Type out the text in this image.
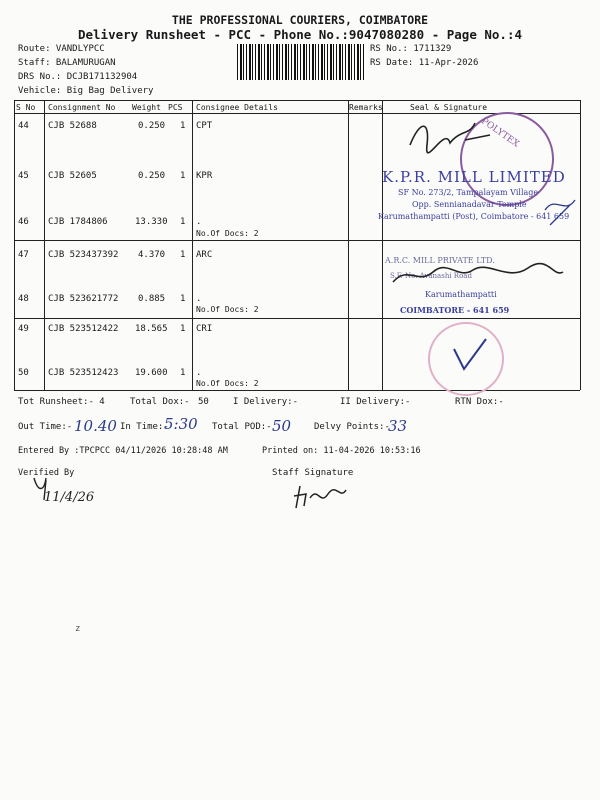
THE PROFESSIONAL COURIERS, COIMBATORE
Delivery Runsheet - PCC - Phone No.:9047080280 - Page No.:4
Route: VANDLYPCC
Staff: BALAMURUGAN
DRS No.: DCJB171132904
Vehicle: Big Bag Delivery
RS No.: 1711329
RS Date: 11-Apr-2026
S No Consignment No Weight PCS Consignee Details	Remarks	Seal & Signature
44 CJB 52688	0.250 1 CPT
45 CJB 52605	0.250 1 KPR
46 CJB 1784806	13.330 1 .
No.Of Docs: 2
47 CJB 523437392 4.370 1 ARC
48 CJB 523621772 0.885 1 .
No.Of Docs: 2
49 CJB 523512422 18.565 1 CRI
50 CJB 523512423 19.600 1 .
No.Of Docs: 2
POLYTEX
K.P.R. MILL LIMITED
SF No. 273/2, Tampalayam Village
Opp. Sennianadavar Temple
Karumathampatti (Post), Coimbatore - 641 659
A.R.C. MILL PRIVATE LTD.
S.F. No. Avanashi Road
Karumathampatti
COIMBATORE - 641 659
Tot Runsheet:- 4	Total Dox:- 50	I Delivery:-	II Delivery:-	RTN Dox:-
Out Time:- 10.40 In Time:-
5:30 Total POD:- 50	Delvy Points:-
33
Entered By :TPCPCC 04/11/2026 10:28:48 AM	Printed on: 11-04-2026 10:53:16
Verified By
11/4/26
Staff Signature
z
